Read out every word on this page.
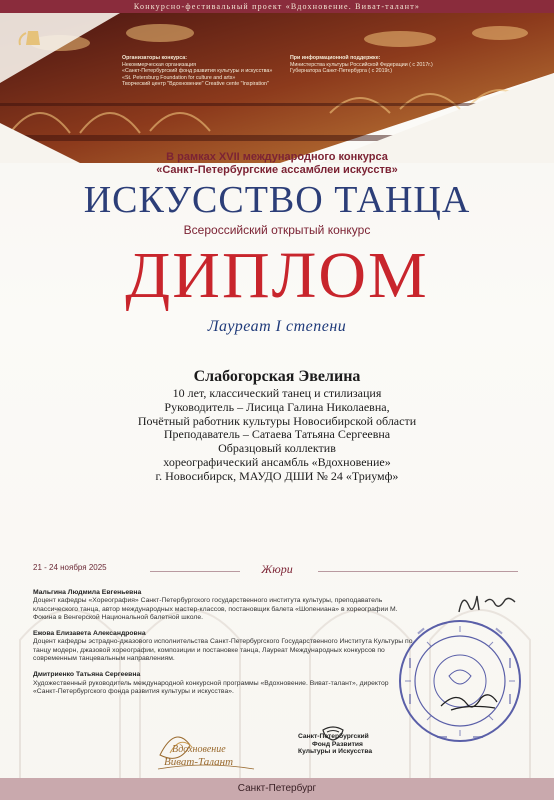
Конкурсно-фестивальный проект «Вдохновение. Виват-талант»
Организаторы конкурса:
Некоммерческая организация
«Санкт-Петербургский фонд развития культуры и искусства»
«St. Petersburg Foundation for culture and arts»
Творческий центр "Вдохновение" Creative cente "Inspiration"
При информационной поддержке:
Министерства культуры Российской Федерации ( с 2017г.)
Губернатора Санкт-Петербурга ( с 2019г.)
В рамках XVII международного конкурса
«Санкт-Петербургские ассамблеи искусств»
ИСКУССТВО ТАНЦА
Всероссийский открытый конкурс
ДИПЛОМ
Лауреат I степени
Слабогорская Эвелина
10 лет, классический танец и стилизация
Руководитель – Лисица Галина Николаевна,
Почётный работник культуры Новосибирской области
Преподаватель – Сатаева Татьяна Сергеевна
Образцовый коллектив
хореографический ансамбль «Вдохновение»
г. Новосибирск, МАУДО ДШИ № 24 «Триумф»
21 - 24 ноября 2025	Жюри
Мальгина Людмила Евгеньевна
Доцент кафедры «Хореография» Санкт-Петербургского государственного института культуры, преподаватель классического танца, автор международных мастер-классов, постановщик балета «Шопениана» в хореографии М. Фокина в Венгерской Национальной балетной школе.
Ежова Елизавета Александровна
Доцент кафедры эстрадно-джазового исполнительства Санкт-Петербургского Государственного Института Культуры по танцу модерн, джазовой хореографии, композиции и постановке танца, Лауреат Международных конкурсов по современным танцевальным направлениям.
Дмитриенко Татьяна Сергеевна
Художественный руководитель международной конкурсной программы «Вдохновение. Виват-талант», директор «Санкт-Петербургского фонда развития культуры и искусства».
Вдохновение
Виват-Талант
Санкт-Петербургский
Фонд Развития
Культуры и Искусства
Санкт-Петербург
